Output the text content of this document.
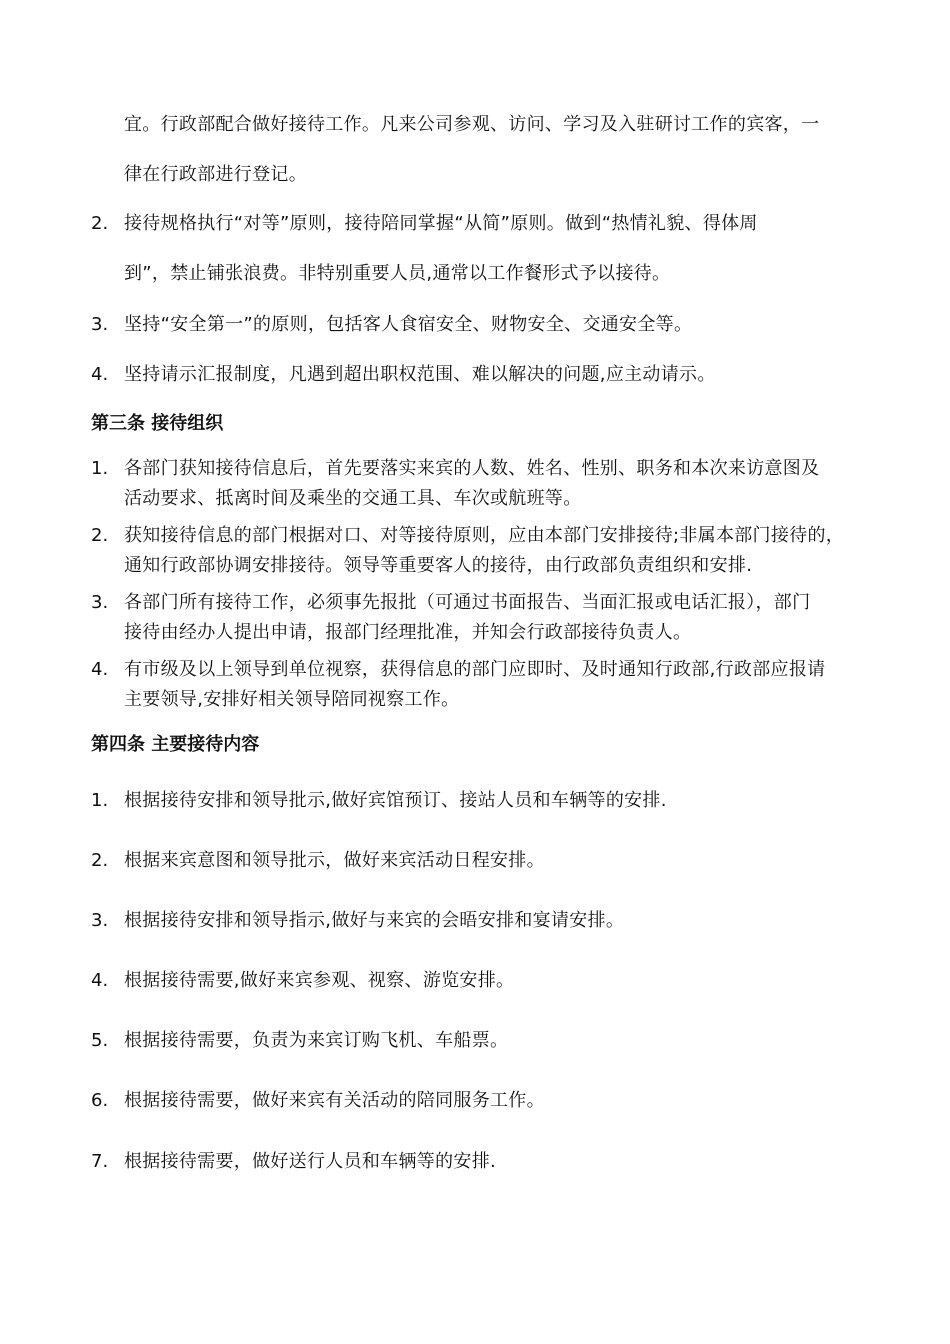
宜。行政部配合做好接待工作。凡来公司参观、访问、学习及入驻研讨工作的宾客，一
律在行政部进行登记。
2. 接待规格执行“对等”原则，接待陪同掌握“从简”原则。做到“热情礼貌、得体周
到”，禁止铺张浪费。非特别重要人员,通常以工作餐形式予以接待。
3. 坚持“安全第一”的原则，包括客人食宿安全、财物安全、交通安全等。
4. 坚持请示汇报制度，凡遇到超出职权范围、难以解决的问题,应主动请示。
第三条 接待组织
1. 各部门获知接待信息后，首先要落实来宾的人数、姓名、性别、职务和本次来访意图及
活动要求、抵离时间及乘坐的交通工具、车次或航班等。
2. 获知接待信息的部门根据对口、对等接待原则，应由本部门安排接待;非属本部门接待的，
通知行政部协调安排接待。领导等重要客人的接待，由行政部负责组织和安排.
3. 各部门所有接待工作，必须事先报批（可通过书面报告、当面汇报或电话汇报），部门
接待由经办人提出申请，报部门经理批准，并知会行政部接待负责人。
4. 有市级及以上领导到单位视察，获得信息的部门应即时、及时通知行政部,行政部应报请
主要领导,安排好相关领导陪同视察工作。
第四条 主要接待内容
1. 根据接待安排和领导批示,做好宾馆预订、接站人员和车辆等的安排.
2. 根据来宾意图和领导批示，做好来宾活动日程安排。
3. 根据接待安排和领导指示,做好与来宾的会晤安排和宴请安排。
4. 根据接待需要,做好来宾参观、视察、游览安排。
5. 根据接待需要，负责为来宾订购飞机、车船票。
6. 根据接待需要，做好来宾有关活动的陪同服务工作。
7. 根据接待需要，做好送行人员和车辆等的安排.
